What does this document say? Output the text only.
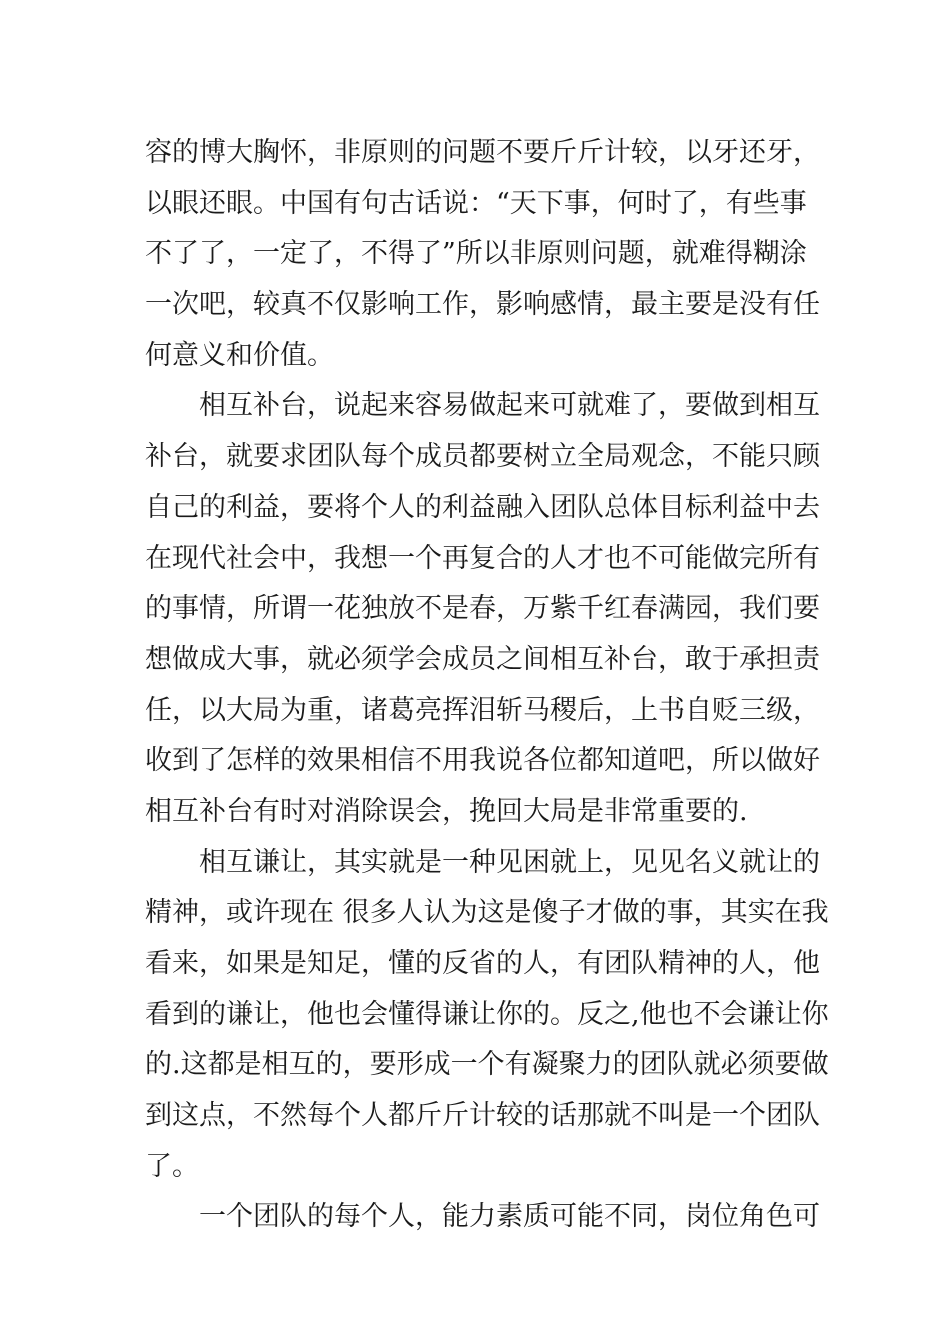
容的博大胸怀，非原则的问题不要斤斤计较，以牙还牙，
以眼还眼。中国有句古话说：“天下事，何时了，有些事
不了了，一定了，不得了”所以非原则问题，就难得糊涂
一次吧，较真不仅影响工作，影响感情，最主要是没有任
何意义和价值。
相互补台，说起来容易做起来可就难了，要做到相互
补台，就要求团队每个成员都要树立全局观念，不能只顾
自己的利益，要将个人的利益融入团队总体目标利益中去
在现代社会中，我想一个再复合的人才也不可能做完所有
的事情，所谓一花独放不是春，万紫千红春满园，我们要
想做成大事，就必须学会成员之间相互补台，敢于承担责
任，以大局为重，诸葛亮挥泪斩马稷后，上书自贬三级，
收到了怎样的效果相信不用我说各位都知道吧，所以做好
相互补台有时对消除误会，挽回大局是非常重要的.
相互谦让，其实就是一种见困就上，见见名义就让的
精神，或许现在 很多人认为这是傻子才做的事，其实在我
看来，如果是知足，懂的反省的人，有团队精神的人，他
看到的谦让，他也会懂得谦让你的。反之,他也不会谦让你
的.这都是相互的，要形成一个有凝聚力的团队就必须要做
到这点，不然每个人都斤斤计较的话那就不叫是一个团队
了。
一个团队的每个人，能力素质可能不同，岗位角色可
